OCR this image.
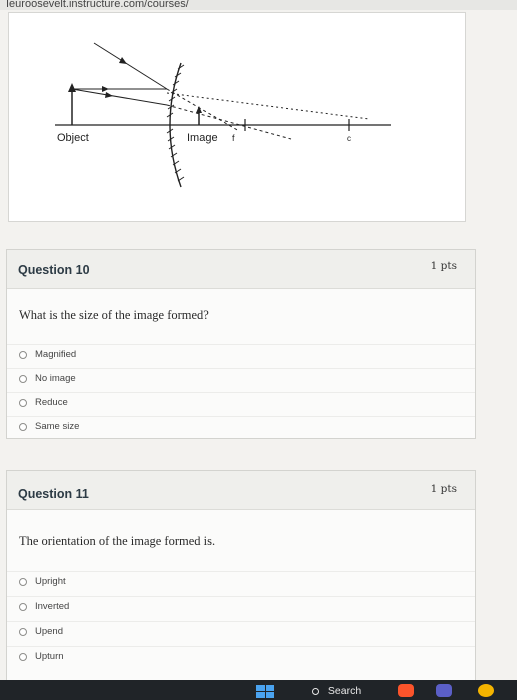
Ieuroosevelt.instructure.com/courses/
Object	Image f	c
Question 10	1 pts
What is the size of the image formed?
Magnified
No image
Reduce
Same size
Question 11	1 pts
The orientation of the image formed is.
Upright
Inverted
Upend
Upturn
Search
